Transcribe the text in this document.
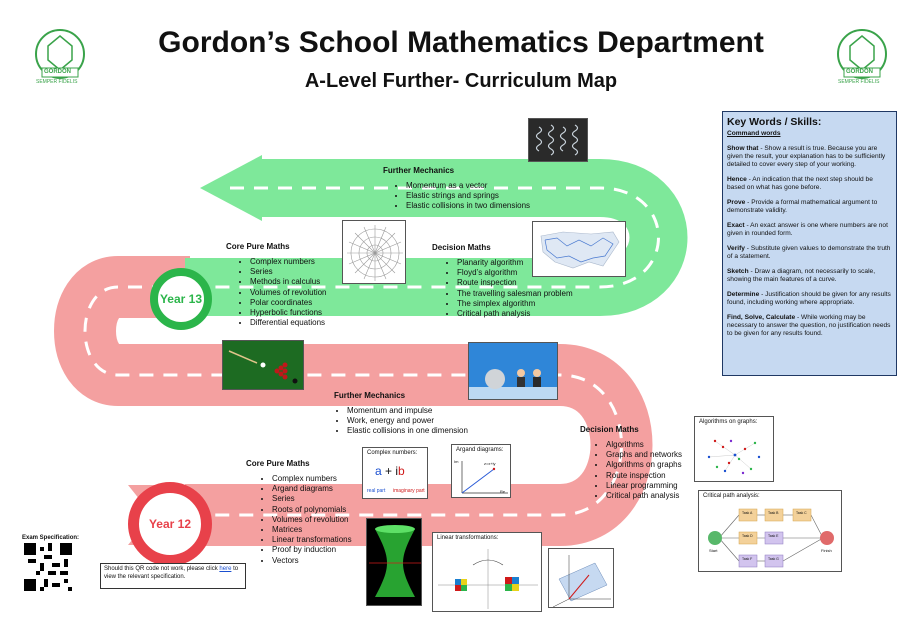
GORDON
SEMPER FIDELIS
GORDON
SEMPER FIDELIS
Gordon’s School Mathematics Department
A-Level Further- Curriculum Map
Year 13
Year 12
Further Mechanics
• Momentum as a vector
• Elastic strings and springs
• Elastic collisions in two dimensions
Core Pure Maths
• Complex numbers
• Series
• Methods in calculus
• Volumes of revolution
• Polar coordinates
• Hyperbolic functions
• Differential equations
Decision Maths
• Planarity algorithm
• Floyd’s algorithm
• Route inspection
• The travelling salesman problem
• The simplex algorithm
• Critical path analysis
Further Mechanics
• Momentum and impulse
• Work, energy and power
• Elastic collisions in one dimension
Core Pure Maths
• Complex numbers
• Argand diagrams
• Series
• Roots of polynomials
• Volumes of revolution
• Matrices
• Linear transformations
• Proof by induction
• Vectors
Decision Maths
• Algorithms
• Graphs and networks
• Algorithms on graphs
• Route inspection
• Linear programming
• Critical path analysis
Key Words / Skills:
Command words

Show that - Show a result is true. Because you are given the result, your explanation has to be sufficiently detailed to cover every step of your working.

Hence - An indication that the next step should be based on what has gone before.

Prove - Provide a formal mathematical argument to demonstrate validity.

Exact - An exact answer is one where numbers are not given in rounded form.

Verify - Substitute given values to demonstrate the truth of a statement.

Sketch - Draw a diagram, not necessarily to scale, showing the main features of a curve.

Determine - Justification should be given for any results found, including working where appropriate.

Find, Solve, Calculate - While working may be necessary to answer the question, no justification needs to be given for any results found.

Complex numbers:
a + ib
real part imaginary part
Argand diagrams:
Im
Re
z=x+iy
Linear transformations:
Algorithms on graphs:
Critical path analysis:
Start	Finish
Task A	Task B	Task C
Task D	Task E
Task F	Task G
Exam Specification:
Should this QR code not work, please click here to view the relevant specification.
